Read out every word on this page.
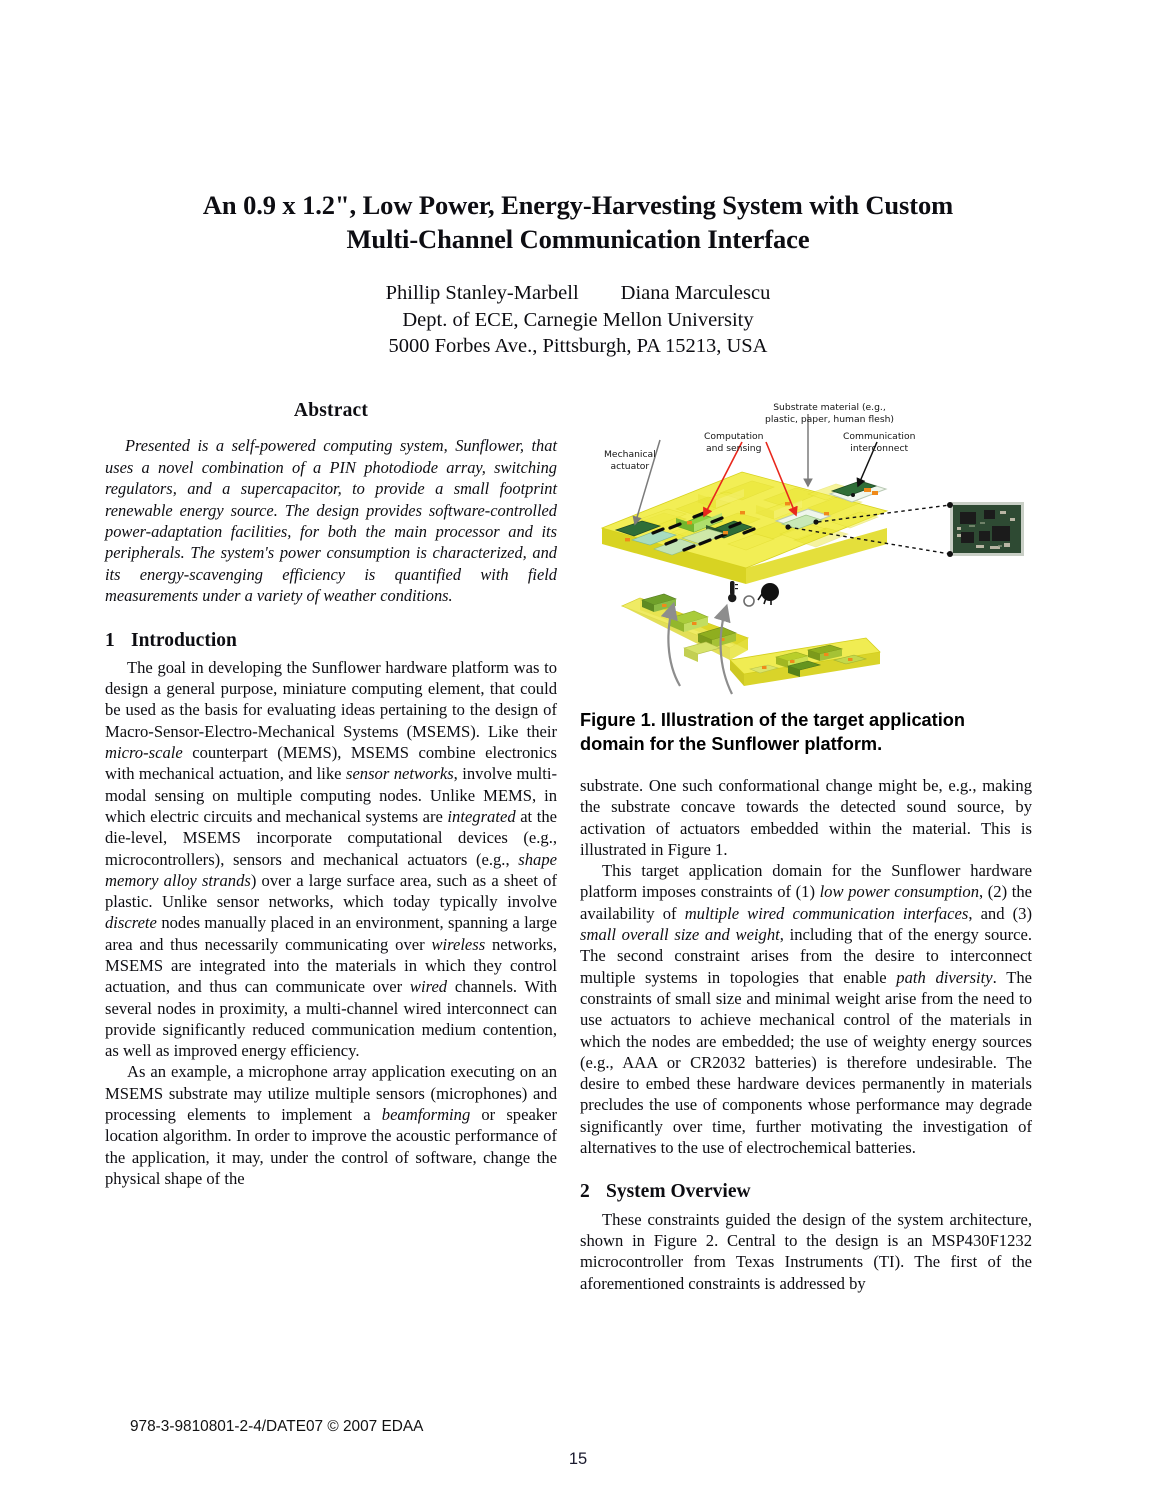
An 0.9 x 1.2", Low Power, Energy-Harvesting System with Custom
Multi-Channel Communication Interface
Phillip Stanley-Marbell Diana Marculescu
Dept. of ECE, Carnegie Mellon University
5000 Forbes Ave., Pittsburgh, PA 15213, USA
Abstract

Presented is a self-powered computing system, Sunflower, that uses a novel combination of a PIN photodiode array, switching regulators, and a supercapacitor, to provide a small footprint renewable energy source. The design provides software-controlled power-adaptation facilities, for both the main processor and its peripherals. The system's power consumption is characterized, and its energy-scavenging efficiency is quantified with field measurements under a variety of weather conditions.

1 Introduction

The goal in developing the Sunflower hardware platform was to design a general purpose, miniature computing element, that could be used as the basis for evaluating ideas pertaining to the design of Macro-Sensor-Electro-Mechanical Systems (MSEMS). Like their micro-scale counterpart (MEMS), MSEMS combine electronics with mechanical actuation, and like sensor networks, involve multi-modal sensing on multiple computing nodes. Unlike MEMS, in which electric circuits and mechanical systems are integrated at the die-level, MSEMS incorporate computational devices (e.g., microcontrollers), sensors and mechanical actuators (e.g., shape memory alloy strands) over a large surface area, such as a sheet of plastic. Unlike sensor networks, which today typically involve discrete nodes manually placed in an environment, spanning a large area and thus necessarily communicating over wireless networks, MSEMS are integrated into the materials in which they control actuation, and thus can communicate over wired channels. With several nodes in proximity, a multi-channel wired interconnect can provide significantly reduced communication medium contention, as well as improved energy efficiency.

As an example, a microphone array application executing on an MSEMS substrate may utilize multiple sensors (microphones) and processing elements to implement a beamforming or speaker location algorithm. In order to improve the acoustic performance of the application, it may, under the control of software, change the physical shape of the

Substrate material (e.g.,
plastic, paper, human flesh)
Computation
and sensing
Communication
interconnect
Mechanical
actuator
Figure 1. Illustration of the target application domain for the Sunflower platform.

substrate. One such conformational change might be, e.g., making the substrate concave towards the detected sound source, by activation of actuators embedded within the material. This is illustrated in Figure 1.

This target application domain for the Sunflower hardware platform imposes constraints of (1) low power consumption, (2) the availability of multiple wired communication interfaces, and (3) small overall size and weight, including that of the energy source. The second constraint arises from the desire to interconnect multiple systems in topologies that enable path diversity. The constraints of small size and minimal weight arise from the need to use actuators to achieve mechanical control of the materials in which the nodes are embedded; the use of weighty energy sources (e.g., AAA or CR2032 batteries) is therefore undesirable. The desire to embed these hardware devices permanently in materials precludes the use of components whose performance may degrade significantly over time, further motivating the investigation of alternatives to the use of electrochemical batteries.

2 System Overview

These constraints guided the design of the system architecture, shown in Figure 2. Central to the design is an MSP430F1232 microcontroller from Texas Instruments (TI). The first of the aforementioned constraints is addressed by

978-3-9810801-2-4/DATE07 © 2007 EDAA
15
